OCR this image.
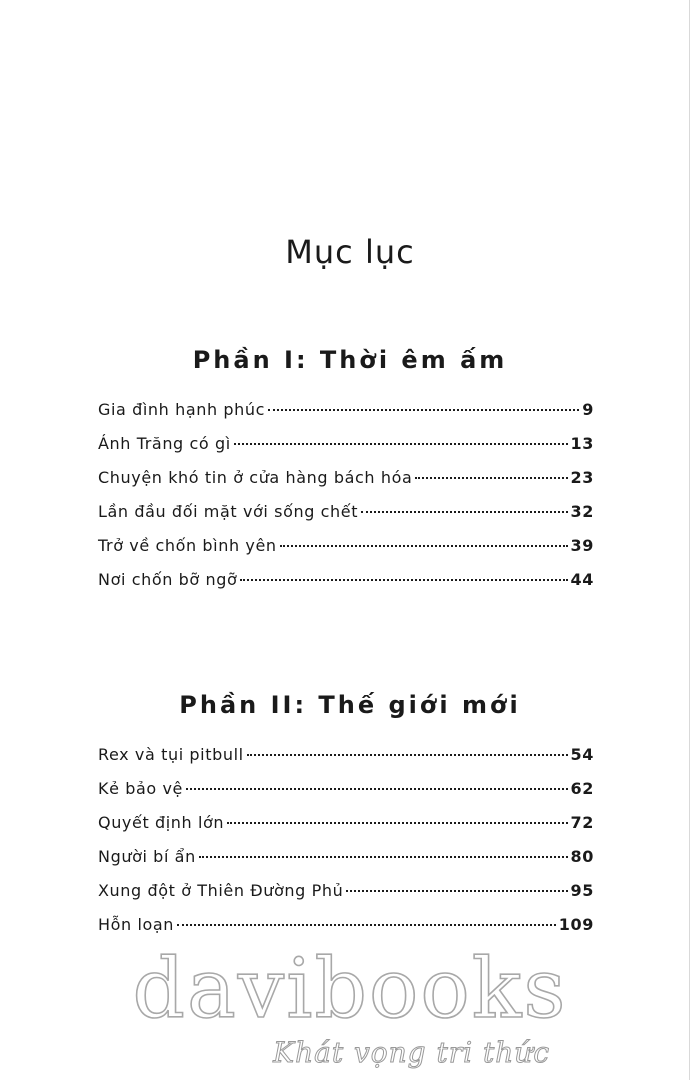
Mục lục
Phần I: Thời êm ấm
Gia đình hạnh phúc	9
Ánh Trăng có gì	13
Chuyện khó tin ở cửa hàng bách hóa	23
Lần đầu đối mặt với sống chết	32
Trở về chốn bình yên	39
Nơi chốn bỡ ngỡ	44
Phần II: Thế giới mới
Rex và tụi pitbull	54
Kẻ bảo vệ	62
Quyết định lớn	72
Người bí ẩn	80
Xung đột ở Thiên Đường Phủ	95
Hỗn loạn	109
davibooks
Khát vọng tri thức
